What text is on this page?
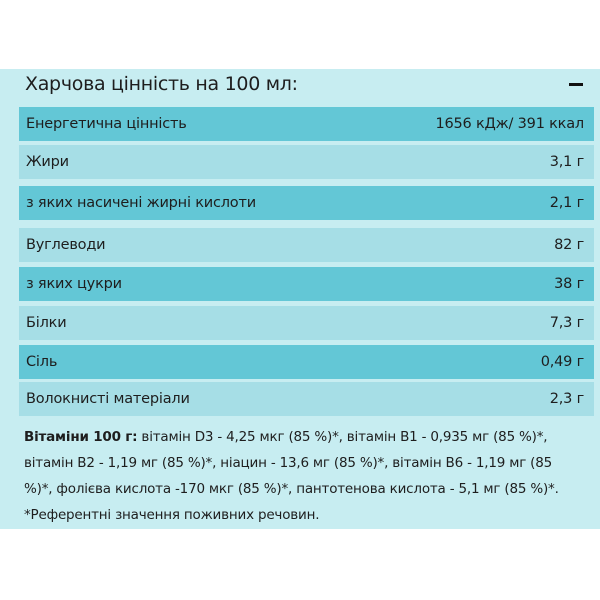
Харчова цінність на 100 мл:
Енергетична цінність	1656 кДж/ 391 ккал
Жири	3,1 г
з яких насичені жирні кислоти	2,1 г
Вуглеводи	82 г
з яких цукри	38 г
Білки	7,3 г
Сіль	0,49 г
Волокнисті матеріали	2,3 г
Вітаміни 100 г: вітамін D3 - 4,25 мкг (85 %)*, вітамін B1 - 0,935 мг (85 %)*, вітамін B2 - 1,19 мг (85 %)*, ніацин - 13,6 мг (85 %)*, вітамін B6 - 1,19 мг (85 %)*, фолієва кислота -170 мкг (85 %)*, пантотенова кислота - 5,1 мг (85 %)*.
*Референтні значення поживних речовин.
